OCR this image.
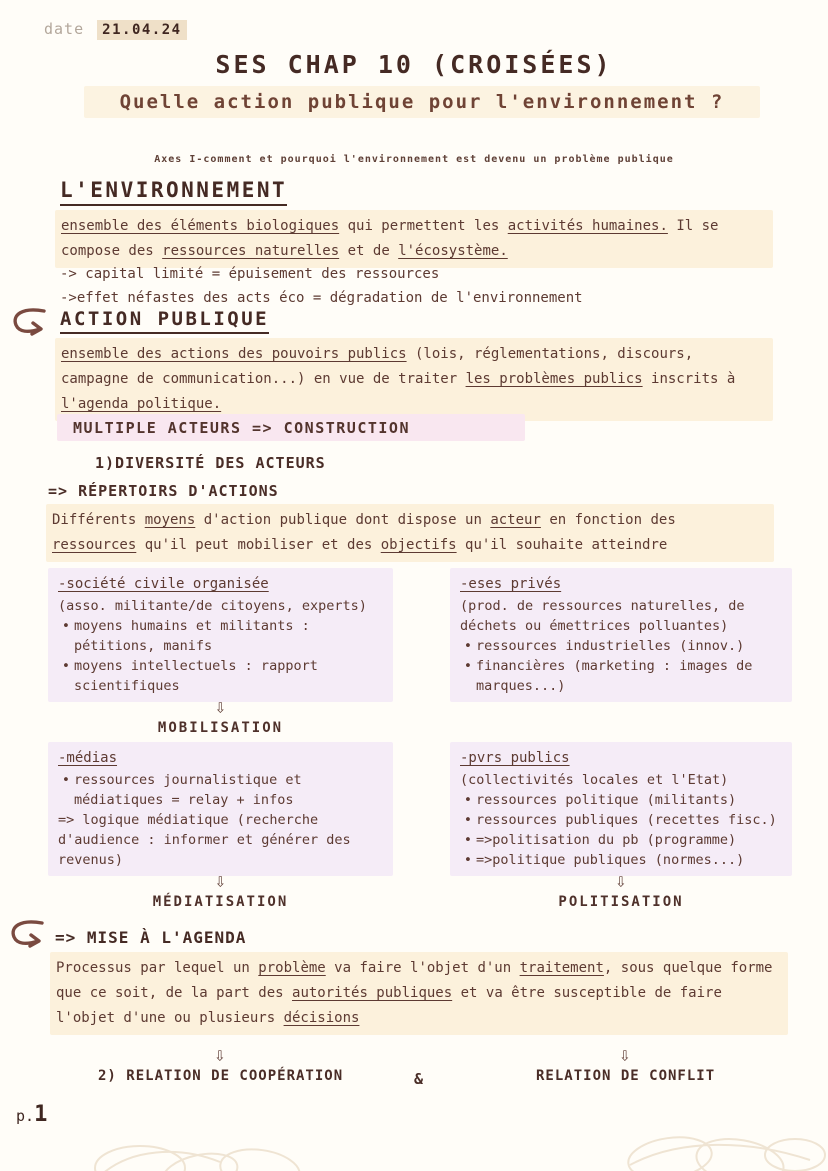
date 21.04.24
SES CHAP 10 (CROISÉES)
Quelle action publique pour l'environnement ?
Axes I-comment et pourquoi l'environnement est devenu un problème publique
L'ENVIRONNEMENT
ensemble des éléments biologiques qui permettent les activités humaines. Il se compose des ressources naturelles et de l'écosystème.
-> capital limité = épuisement des ressources
->effet néfastes des acts éco = dégradation de l'environnement
ACTION PUBLIQUE
ensemble des actions des pouvoirs publics (lois, réglementations, discours, campagne de communication...) en vue de traiter les problèmes publics inscrits à l'agenda politique.
MULTIPLE ACTEURS => CONSTRUCTION
1)DIVERSITÉ DES ACTEURS
=> RÉPERTOIRS D'ACTIONS
Différents moyens d'action publique dont dispose un acteur en fonction des ressources qu'il peut mobiliser et des objectifs qu'il souhaite atteindre
-société civile organisée
(asso. militante/de citoyens, experts)
• moyens humains et militants : pétitions, manifs
• moyens intellectuels : rapport scientifiques
-eses privés
(prod. de ressources naturelles, de déchets ou émettrices polluantes)
• ressources industrielles (innov.)
• financières (marketing : images de marques...)
⇩
MOBILISATION
-médias
• ressources journalistique et médiatiques = relay + infos
=> logique médiatique (recherche d'audience : informer et générer des revenus)
-pvrs publics
(collectivités locales et l'Etat)
• ressources politique (militants)
• ressources publiques (recettes fisc.)
• =>politisation du pb (programme)
• =>politique publiques (normes...)
⇩
MÉDIATISATION
⇩
POLITISATION
=> MISE À L'AGENDA
Processus par lequel un problème va faire l'objet d'un traitement, sous quelque forme que ce soit, de la part des autorités publiques et va être susceptible de faire l'objet d'une ou plusieurs décisions
⇩	⇩
2) RELATION DE COOPÉRATION	&	RELATION DE CONFLIT
p.1
